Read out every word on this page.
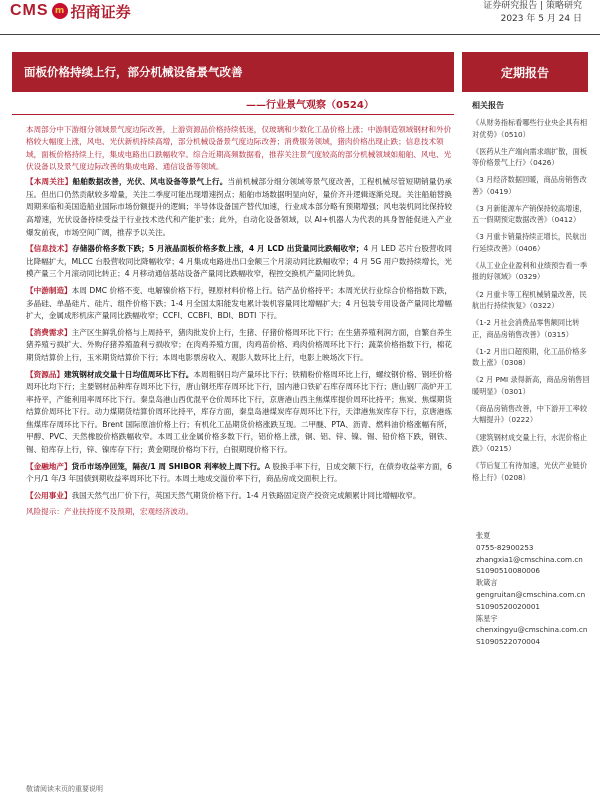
CMS m 招商证券	证券研究报告 | 策略研究
2023 年 5 月 24 日
面板价格持续上行，部分机械设备景气改善	定期报告
——行业景气观察（0524）

本周部分中下游细分领域景气度边际改善，上游资源品价格持续低迷，仅玻璃和少数化工品价格上涨；中游制造领域钢材和外价格较大幅度上涨，风电、光伏新机持续高增，部分机械设备景气度边际改善；消费服务领域，猪肉价格出现止跌；信息技术领域，面板价格持续上行，集成电路出口跌幅收窄。综合近期高频数据看，推荐关注景气度较高的部分机械领域如船舶、风电、光伏设备以及景气度边际改善的集成电路、通信设备等领域。

【本周关注】船舶数据改善，光伏、风电设备等景气上行。当前机械部分细分领域等景气度改善，工程机械尽管短期销量仍承压。但出口仍然贡献较多增量，关注二季度可能出现增速拐点；船舶市场数据明显向好，量价齐升逻辑逐渐兑现。关注船舶替换周期来临和美国造船业国际市场份额提升的逻辑；半导体设备国产替代加速，行业成本部分略有预期增强；风电装机同比保持较高增速，光伏设备持续受益于行业技术迭代和产能扩张；此外，自动化设备领域，以 AI+机器人为代表的具身智能促进入产业爆发前夜，市场空间广阔，推荐予以关注。

【信息技术】存储器价格多数下跌；5 月液晶面板价格多数上涨，4 月 LCD 出货量同比跌幅收窄；4 月 LED 芯片台股营收同比降幅扩大，MLCC 台股营收同比降幅收窄；4 月集成电路进出口金额三个月滚动同比跌幅收窄；4 月 5G 用户数持续增长，光模产量三个月滚动同比转正；4 月移动通信基站设备产量同比跌幅收窄，程控交换机产量同比转负。

【中游制造】本周 DMC 价格不变、电解镍价格下行，锂原材料价格上行。钴产品价格持平；本周光伏行业综合价格指数下跌，多晶硅、单晶硅片、硅片、组件价格下跌；1-4 月全国太阳能发电累计装机容量同比增幅扩大；4 月包装专用设备产量同比增幅扩大，金属成形机床产量同比跌幅收窄；CCFI、CCBFI、BDI、BDTI 下行。

【消费需求】主产区生鲜乳价格与上周持平，猪肉批发价上行，生猪、仔猪价格周环比下行；在生猪养殖利润方面，自繁自养生猪养殖亏损扩大、外购仔猪养殖盈利亏损收窄；在肉鸡养殖方面，肉鸡苗价格、鸡肉价格周环比下行；蔬菜价格指数下行，棉花期货结算价上行，玉米期货结算价下行；本周电影票房收入、观影人数环比上行，电影上映场次下行。

【资源品】建筑钢材成交量十日均值周环比下行。本周粗钢日均产量环比下行；铁精粉价格周环比上行，螺纹钢价格、钢坯价格周环比均下行；主要钢材品种库存周环比下行，唐山钢坯库存周环比下行，国内港口铁矿石库存周环比下行；唐山钢厂高炉开工率持平，产能利用率周环比下行。秦皇岛港山西优混平仓价周环比下行，京唐港山西主焦煤库提价周环比持平；焦炭、焦煤期货结算价周环比下行。动力煤期货结算价周环比持平，库存方面，秦皇岛港煤炭库存周环比下行，天津港焦炭库存下行，京唐港炼焦煤库存周环比下行。Brent 国际原油价格上行；有机化工品期货价格涨跌互现。二甲醚、PTA、沥青、燃料油价格涨幅有所，甲醇、PVC、天然橡胶价格跌幅收窄。本周工业金属价格多数下行，铝价格上涨，铜、铝、锌、镍、锡、铅价格下跌，钢铁、锡、铅库存上行，锌、镍库存下行；黄金期现价格均下行，白银期现价格下行。

【金融地产】货币市场净回笼，隔夜/1 周 SHIBOR 利率较上周下行。A 股换手率下行，日成交额下行，在债券收益率方面，6 个月/1 年/3 年国债到期收益率周环比下行。本周土地成交溢价率下行，商品房成交面积上行。

【公用事业】我国天然气出厂价下行，英国天然气期货价格下行。1-4 月铁路固定资产投资完成额累计同比增幅收窄。

风险提示：产业扶持度不及预期，宏观经济波动。

相关报告
《从财务指标看哪些行业央企具有相对优势》（0510）
《医药从生产端向需求端扩散，面板等价格景气上行》（0426）
《3 月经济数据回暖，商品房销售改善》（0419）
《3 月新能源车产销保持较高增速，五一假期预定数据改善》（0412）
《3 月重卡销量持续正增长，民航出行延续改善》（0406）
《从工业企业盈利和业绩预告看一季报的好领域》（0329）
《2 月重卡等工程机械销量改善，民航出行持续恢复》（0322）
《1-2 月社会消费品零售额同比转正，商品房销售改善》（0315）
《1-2 月出口超预期，化工品价格多数上涨》（0308）
《2 月 PMI 录得新高，商品房销售回暖明显》（0301）
《商品房销售改善，中下游开工率较大幅提升》（0222）
《建筑钢材成交量上行，水泥价格止跌》（0215）
《节后复工有待加速，光伏产业链价格上行》（0208）
张夏
0755-82900253
zhangxia1@cmschina.com.cn
S1090510080006
耿箴言
gengruitan@cmschina.com.cn
S1090520020001
陈星宇
chenxingyu@cmschina.com.cn
S1090522070004
敬请阅读末页的重要说明
